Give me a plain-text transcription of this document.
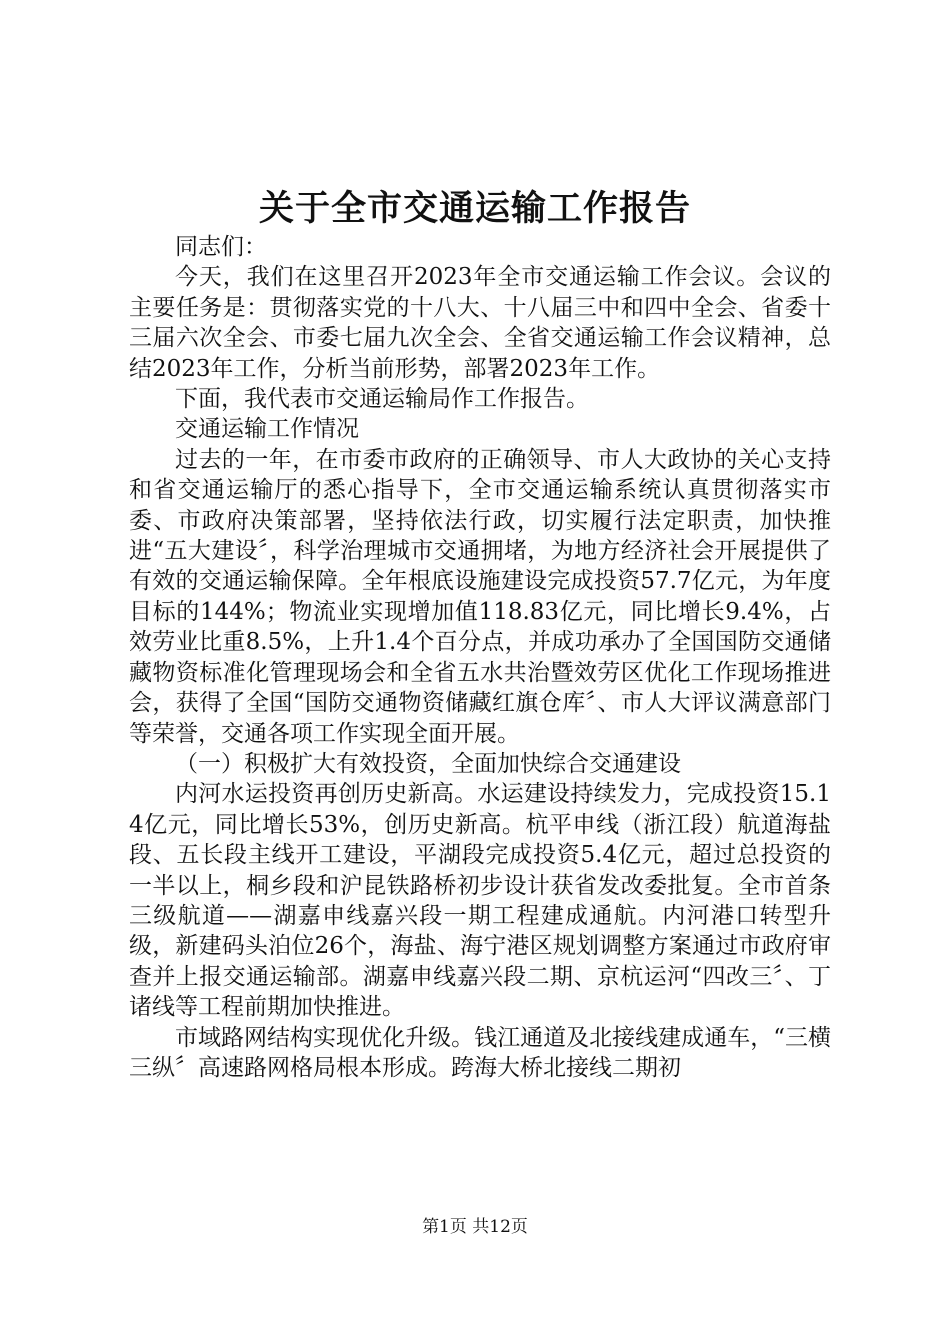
关于全市交通运输工作报告

同志们：

今天，我们在这里召开2023年全市交通运输工作会议。会议的主要任务是：贯彻落实党的十八大、十八届三中和四中全会、省委十三届六次全会、市委七届九次全会、全省交通运输工作会议精神，总结2023年工作，分析当前形势，部署2023年工作。

下面，我代表市交通运输局作工作报告。

交通运输工作情况

过去的一年，在市委市政府的正确领导、市人大政协的关心支持和省交通运输厅的悉心指导下，全市交通运输系统认真贯彻落实市委、市政府决策部署，坚持依法行政，切实履行法定职责，加快推进“五大建设〞，科学治理城市交通拥堵，为地方经济社会开展提供了有效的交通运输保障。全年根底设施建设完成投资57.7亿元，为年度目标的144%；物流业实现增加值118.83亿元，同比增长9.4%，占效劳业比重8.5%，上升1.4个百分点，并成功承办了全国国防交通储藏物资标准化管理现场会和全省五水共治暨效劳区优化工作现场推进会，获得了全国“国防交通物资储藏红旗仓库〞、市人大评议满意部门等荣誉，交通各项工作实现全面开展。

（一）积极扩大有效投资，全面加快综合交通建设

内河水运投资再创历史新高。水运建设持续发力，完成投资15.14亿元，同比增长53%，创历史新高。杭平申线（浙江段）航道海盐段、五长段主线开工建设，平湖段完成投资5.4亿元，超过总投资的一半以上，桐乡段和沪昆铁路桥初步设计获省发改委批复。全市首条三级航道——湖嘉申线嘉兴段一期工程建成通航。内河港口转型升级，新建码头泊位26个，海盐、海宁港区规划调整方案通过市政府审查并上报交通运输部。湖嘉申线嘉兴段二期、京杭运河“四改三〞、丁诸线等工程前期加快推进。

市域路网结构实现优化升级。钱江通道及北接线建成通车，“三横三纵〞高速路网格局根本形成。跨海大桥北接线二期初

第1页 共12页
